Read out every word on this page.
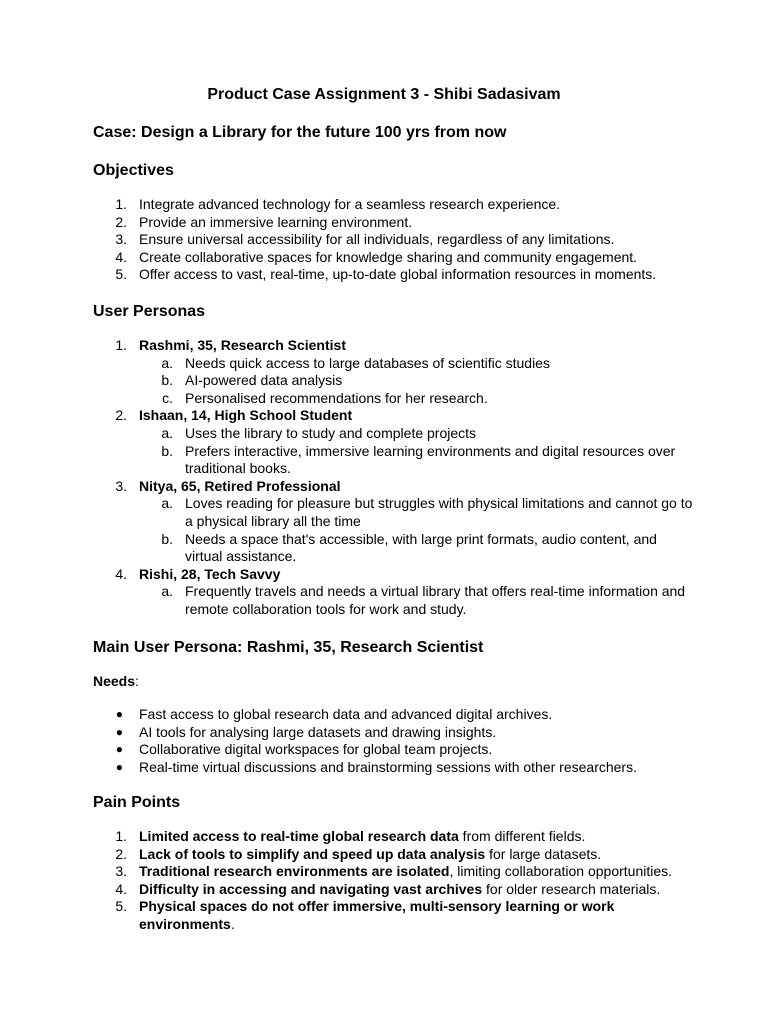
Product Case Assignment 3 - Shibi Sadasivam
Case: Design a Library for the future 100 yrs from now
Objectives
1. Integrate advanced technology for a seamless research experience.
2. Provide an immersive learning environment.
3. Ensure universal accessibility for all individuals, regardless of any limitations.
4. Create collaborative spaces for knowledge sharing and community engagement.
5. Offer access to vast, real-time, up-to-date global information resources in moments.
User Personas
1. Rashmi, 35, Research Scientist
a. Needs quick access to large databases of scientific studies
b. AI-powered data analysis
c. Personalised recommendations for her research.
2. Ishaan, 14, High School Student
a. Uses the library to study and complete projects
b. Prefers interactive, immersive learning environments and digital resources over traditional books.
3. Nitya, 65, Retired Professional
a. Loves reading for pleasure but struggles with physical limitations and cannot go to a physical library all the time
b. Needs a space that's accessible, with large print formats, audio content, and virtual assistance.
4. Rishi, 28, Tech Savvy
a. Frequently travels and needs a virtual library that offers real-time information and remote collaboration tools for work and study.
Main User Persona: Rashmi, 35, Research Scientist

Needs:

● Fast access to global research data and advanced digital archives.
● AI tools for analysing large datasets and drawing insights.
● Collaborative digital workspaces for global team projects.
● Real-time virtual discussions and brainstorming sessions with other researchers.
Pain Points
1. Limited access to real-time global research data from different fields.
2. Lack of tools to simplify and speed up data analysis for large datasets.
3. Traditional research environments are isolated, limiting collaboration opportunities.
4. Difficulty in accessing and navigating vast archives for older research materials.
5. Physical spaces do not offer immersive, multi-sensory learning or work environments.
